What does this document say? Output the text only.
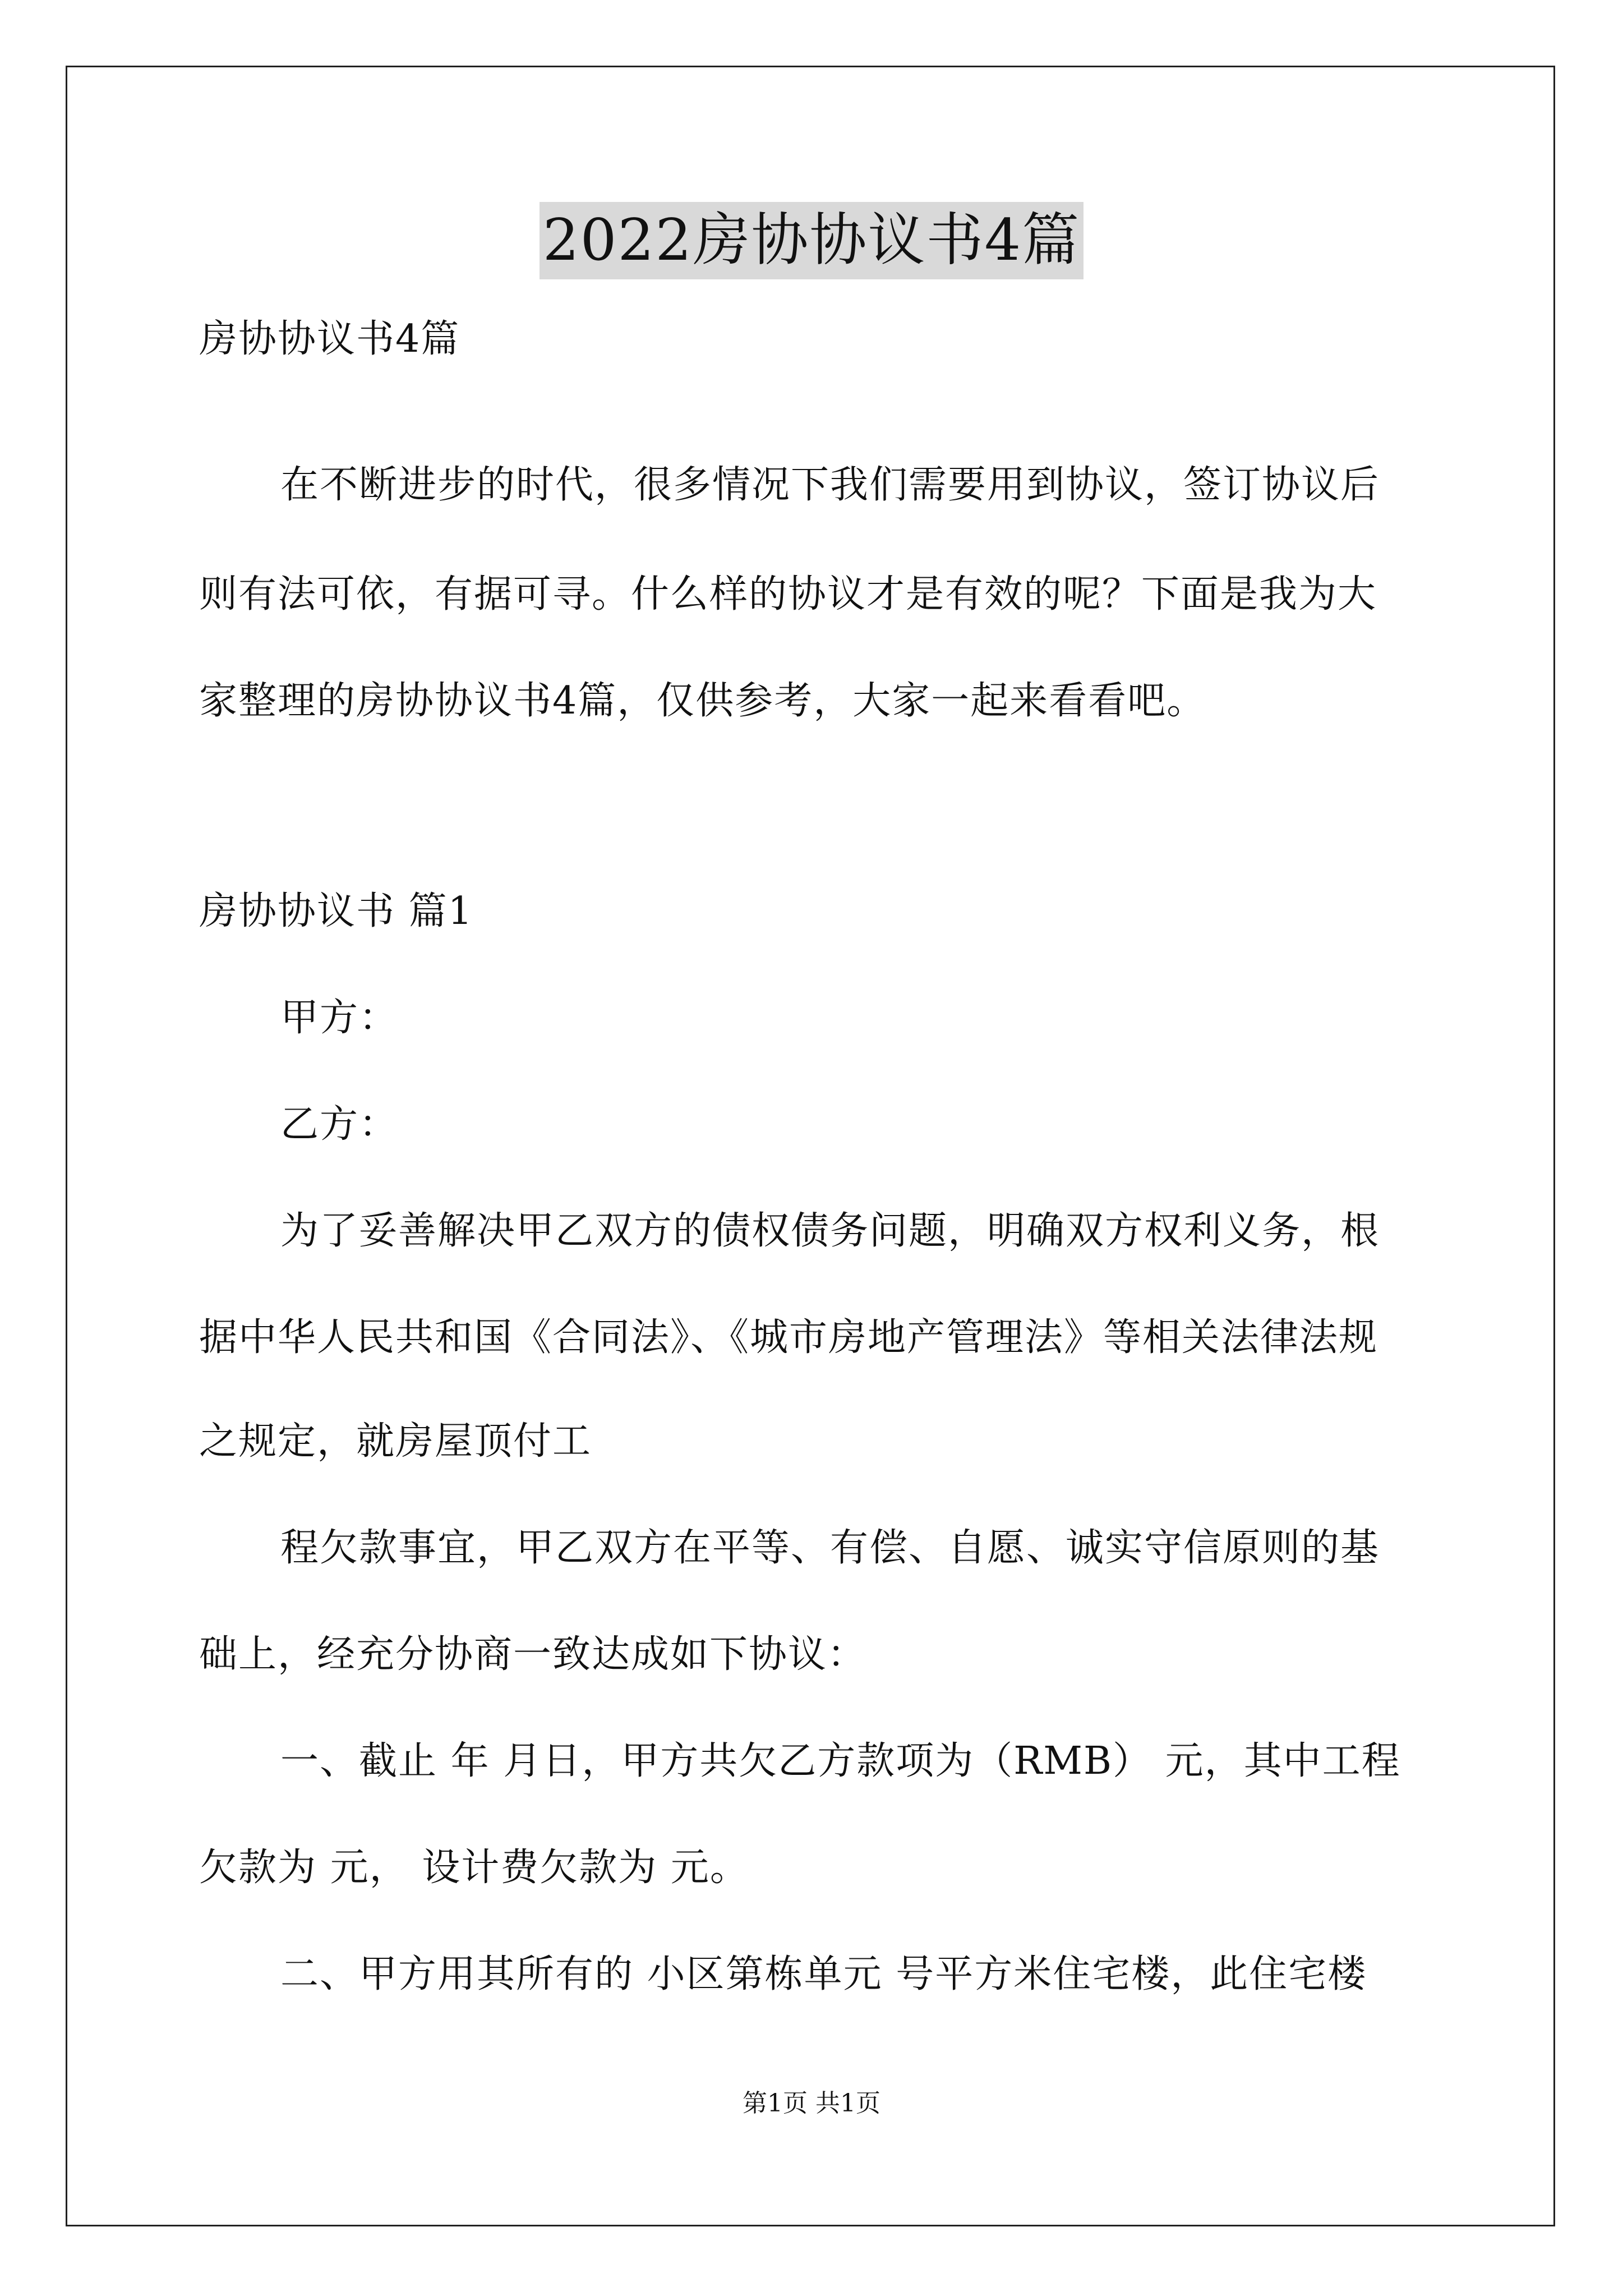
2022房协协议书4篇
房协协议书4篇
在不断进步的时代，很多情况下我们需要用到协议，签订协议后
则有法可依，有据可寻。什么样的协议才是有效的呢？下面是我为大
家整理的房协协议书4篇，仅供参考，大家一起来看看吧。
房协协议书 篇1
甲方：
乙方：
为了妥善解决甲乙双方的债权债务问题，明确双方权利义务，根
据中华人民共和国《合同法》、《城市房地产管理法》等相关法律法规
之规定，就房屋顶付工
程欠款事宜，甲乙双方在平等、有偿、自愿、诚实守信原则的基
础上，经充分协商一致达成如下协议：
一、截止 年 月日，甲方共欠乙方款项为（RMB） 元，其中工程
欠款为 元， 设计费欠款为 元。
二、甲方用其所有的 小区第栋单元 号平方米住宅楼，此住宅楼
第1页 共1页
